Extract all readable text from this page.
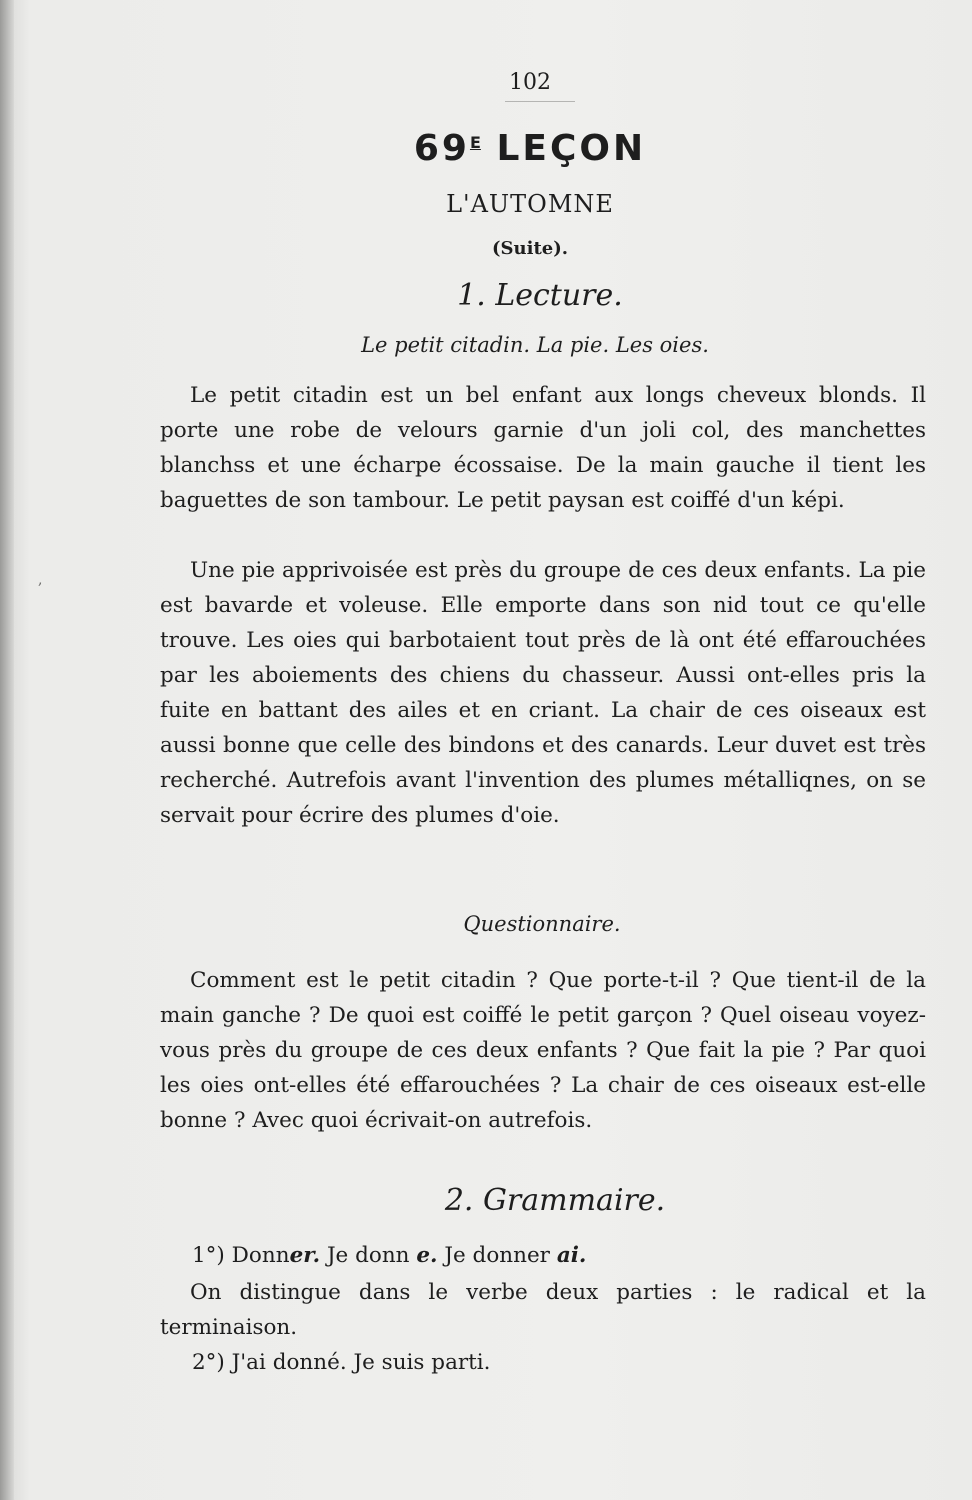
102
$69^E$ LEÇON
L'AUTOMNE
(Suite).
1. Lecture.
Le petit citadin. La pie. Les oies.

Le petit citadin est un bel enfant aux longs cheveux blonds. Il porte une robe de velours garnie d'un joli col, des manchettes blanchss et une écharpe écossaise. De la main gauche il tient les baguettes de son tambour. Le petit paysan est coiffé d'un képi.

Une pie apprivoisée est près du groupe de ces deux enfants. La pie est bavarde et voleuse. Elle emporte dans son nid tout ce qu'elle trouve. Les oies qui barbotaient tout près de là ont été effarouchées par les aboiements des chiens du chasseur. Aussi ont-elles pris la fuite en battant des ailes et en criant. La chair de ces oiseaux est aussi bonne que celle des bindons et des canards. Leur duvet est très recherché. Autrefois avant l'invention des plumes métalliqnes, on se servait pour écrire des plumes d'oie.

Questionnaire.

Comment est le petit citadin ? Que porte-t-il ? Que tient-il de la main ganche ? De quoi est coiffé le petit garçon ? Quel oiseau voyez-vous près du groupe de ces deux enfants ? Que fait la pie ? Par quoi les oies ont-elles été effarouchées ? La chair de ces oiseaux est-elle bonne ? Avec quoi écrivait-on autrefois.

2. Grammaire.

1°) Donner. Je donn e. Je donner ai.

On distingue dans le verbe deux parties : le radical et la terminaison.

2°) J'ai donné. Je suis parti.

,
